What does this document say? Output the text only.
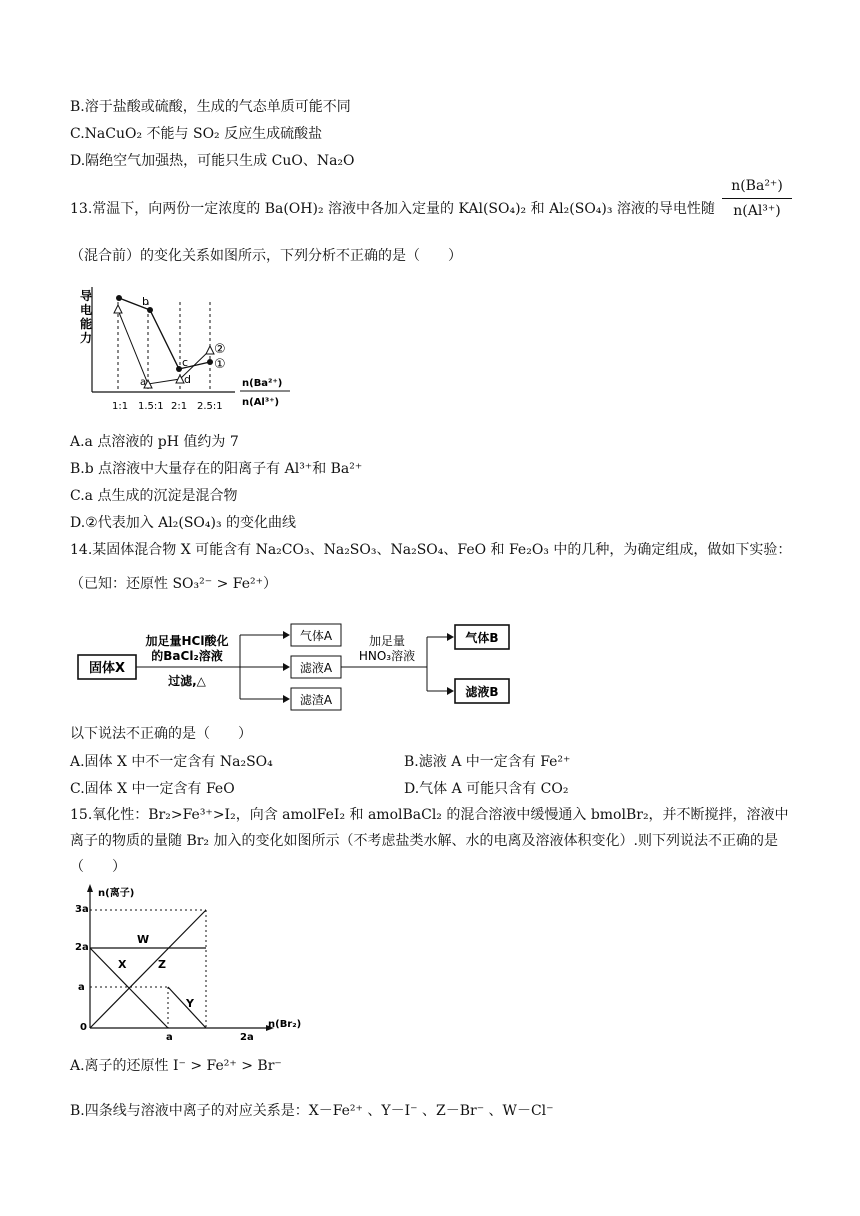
B.溶于盐酸或硫酸，生成的气态单质可能不同
C.NaCuO₂ 不能与 SO₂ 反应生成硫酸盐
D.隔绝空气加强热，可能只生成 CuO、Na₂O
13.常温下，向两份一定浓度的 Ba(OH)₂ 溶液中各加入定量的 KAl(SO₄)₂ 和 Al₂(SO₄)₃ 溶液的导电性随 $\frac{\text{n(Ba²⁺)}}{\text{n(Al³⁺)}}$
（混合前）的变化关系如图所示，下列分析不正确的是（　　）
导
电
能
力
a
b
c
d
②
①
1:1 1.5:1 2:1 2.5:1
n(Ba²⁺)
n(Al³⁺)
A.a 点溶液的 pH 值约为 7
B.b 点溶液中大量存在的阳离子有 Al³⁺和 Ba²⁺
C.a 点生成的沉淀是混合物
D.②代表加入 Al₂(SO₄)₃ 的变化曲线
14.某固体混合物 X 可能含有 Na₂CO₃、Na₂SO₃、Na₂SO₄、FeO 和 Fe₂O₃ 中的几种，为确定组成，做如下实验：
（已知：还原性 SO₃²⁻ > Fe²⁺）
固体X
加足量HCl酸化
的BaCl₂溶液
过滤,△
气体A
滤液A
滤渣A
加足量
HNO₃溶液
气体B
滤液B
以下说法不正确的是（　　）
A.固体 X 中不一定含有 Na₂SO₄	B.滤液 A 中一定含有 Fe²⁺
C.固体 X 中一定含有 FeO	D.气体 A 可能只含有 CO₂
15.氧化性：Br₂>Fe³⁺>I₂，向含 amolFeI₂ 和 amolBaCl₂ 的混合溶液中缓慢通入 bmolBr₂，并不断搅拌，溶液中离子的物质的量随 Br₂ 加入的变化如图所示（不考虑盐类水解、水的电离及溶液体积变化）.则下列说法不正确的是（　　）
n(离子)
n(Br₂)
3a
2a
a
0
a	2a
W
X	Z
Y
A.离子的还原性 I⁻ > Fe²⁺ > Br⁻
B.四条线与溶液中离子的对应关系是：X－Fe²⁺ 、Y－I⁻ 、Z－Br⁻ 、W－Cl⁻
